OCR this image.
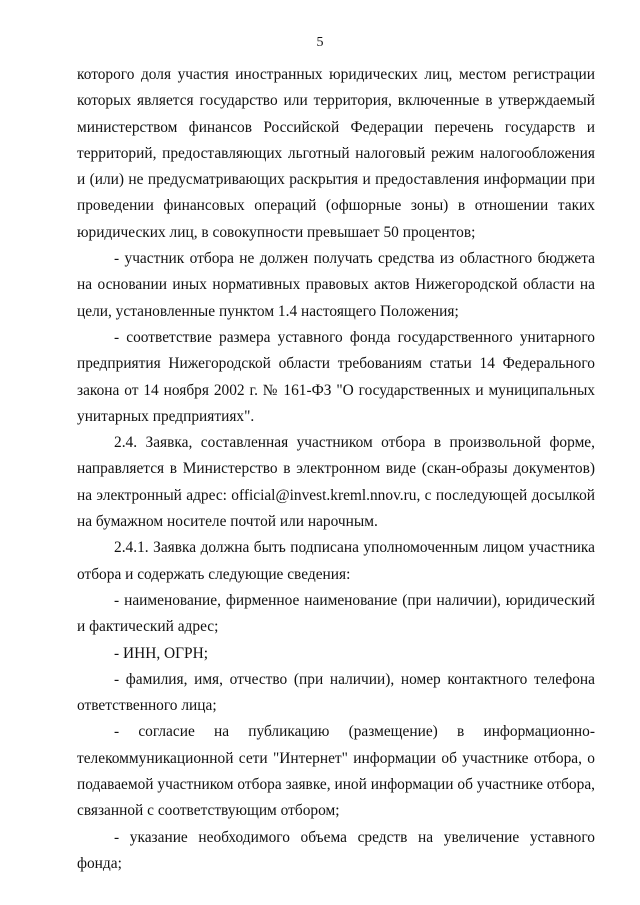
5

которого доля участия иностранных юридических лиц, местом регистрации которых является государство или территория, включенные в утверждаемый министерством финансов Российской Федерации перечень государств и территорий, предоставляющих льготный налоговый режим налогообложения и (или) не предусматривающих раскрытия и предоставления информации при проведении финансовых операций (офшорные зоны) в отношении таких юридических лиц, в совокупности превышает 50 процентов;

- участник отбора не должен получать средства из областного бюджета на основании иных нормативных правовых актов Нижегородской области на цели, установленные пунктом 1.4 настоящего Положения;

- соответствие размера уставного фонда государственного унитарного предприятия Нижегородской области требованиям статьи 14 Федерального закона от 14 ноября 2002 г. № 161-ФЗ "О государственных и муниципальных унитарных предприятиях".

2.4. Заявка, составленная участником отбора в произвольной форме, направляется в Министерство в электронном виде (скан-образы документов) на электронный адрес: official@invest.kreml.nnov.ru, с последующей досылкой на бумажном носителе почтой или нарочным.

2.4.1. Заявка должна быть подписана уполномоченным лицом участника отбора и содержать следующие сведения:

- наименование, фирменное наименование (при наличии), юридический и фактический адрес;

- ИНН, ОГРН;

- фамилия, имя, отчество (при наличии), номер контактного телефона ответственного лица;

- согласие на публикацию (размещение) в информационно-телекоммуникационной сети "Интернет" информации об участнике отбора, о подаваемой участником отбора заявке, иной информации об участнике отбора, связанной с соответствующим отбором;

- указание необходимого объема средств на увеличение уставного фонда;
